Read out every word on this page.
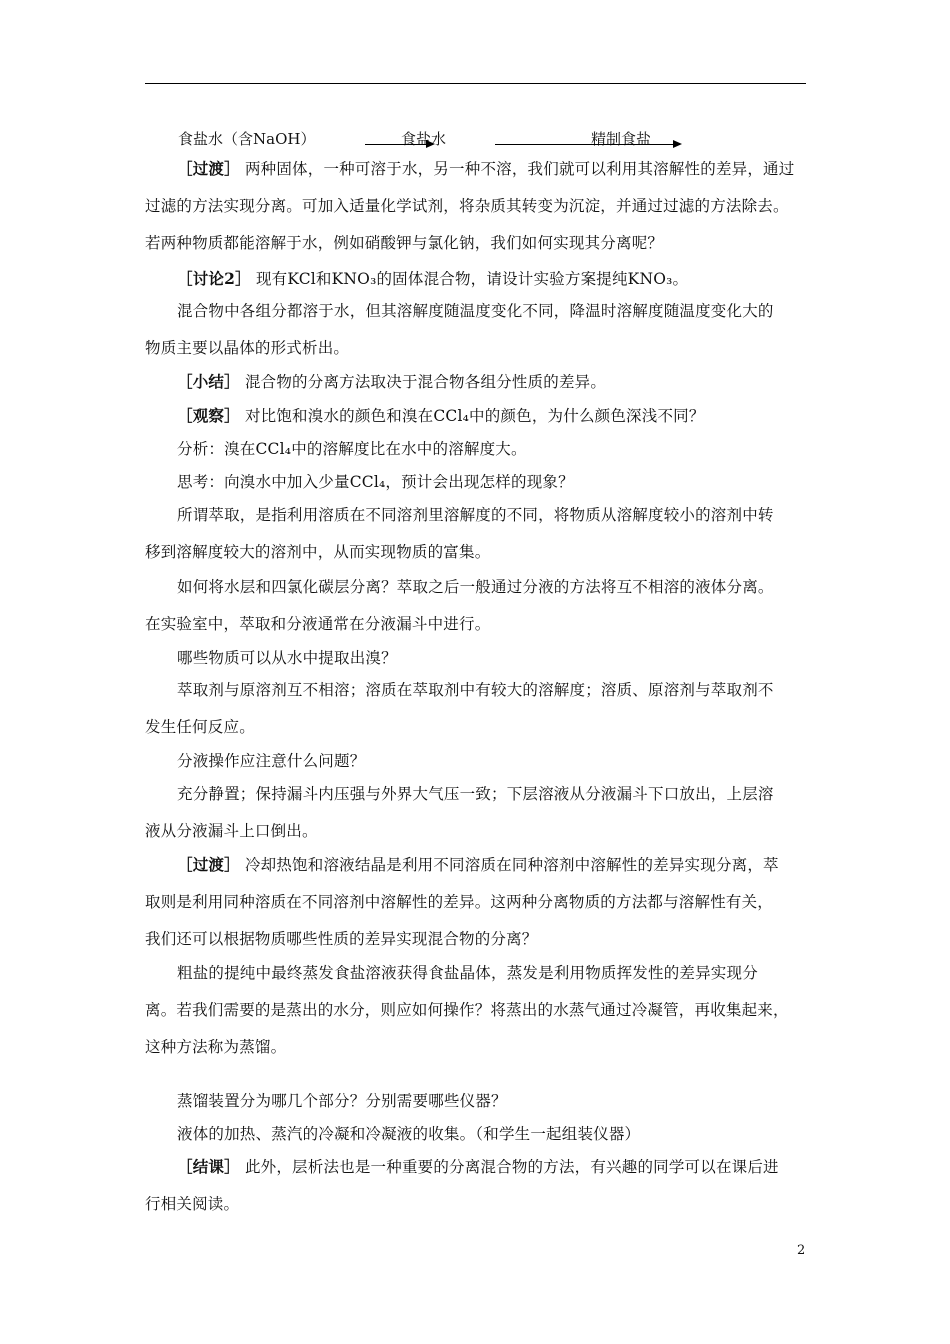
食盐水（含NaOH）	食盐水	精制食盐
［过渡］ 两种固体，一种可溶于水，另一种不溶，我们就可以利用其溶解性的差异，通过
过滤的方法实现分离。可加入适量化学试剂，将杂质其转变为沉淀，并通过过滤的方法除去。
若两种物质都能溶解于水，例如硝酸钾与氯化钠，我们如何实现其分离呢？
［讨论2］ 现有KCl和KNO₃的固体混合物，请设计实验方案提纯KNO₃。
混合物中各组分都溶于水，但其溶解度随温度变化不同，降温时溶解度随温度变化大的
物质主要以晶体的形式析出。
［小结］ 混合物的分离方法取决于混合物各组分性质的差异。
［观察］ 对比饱和溴水的颜色和溴在CCl₄中的颜色，为什么颜色深浅不同？
分析：溴在CCl₄中的溶解度比在水中的溶解度大。
思考：向溴水中加入少量CCl₄，预计会出现怎样的现象？
所谓萃取，是指利用溶质在不同溶剂里溶解度的不同，将物质从溶解度较小的溶剂中转
移到溶解度较大的溶剂中，从而实现物质的富集。
如何将水层和四氯化碳层分离？萃取之后一般通过分液的方法将互不相溶的液体分离。
在实验室中，萃取和分液通常在分液漏斗中进行。
哪些物质可以从水中提取出溴？
萃取剂与原溶剂互不相溶；溶质在萃取剂中有较大的溶解度；溶质、原溶剂与萃取剂不
发生任何反应。
分液操作应注意什么问题？
充分静置；保持漏斗内压强与外界大气压一致；下层溶液从分液漏斗下口放出，上层溶
液从分液漏斗上口倒出。
［过渡］ 冷却热饱和溶液结晶是利用不同溶质在同种溶剂中溶解性的差异实现分离，萃
取则是利用同种溶质在不同溶剂中溶解性的差异。这两种分离物质的方法都与溶解性有关，
我们还可以根据物质哪些性质的差异实现混合物的分离？
粗盐的提纯中最终蒸发食盐溶液获得食盐晶体，蒸发是利用物质挥发性的差异实现分
离。若我们需要的是蒸出的水分，则应如何操作？将蒸出的水蒸气通过冷凝管，再收集起来，
这种方法称为蒸馏。
蒸馏装置分为哪几个部分？分别需要哪些仪器？
液体的加热、蒸汽的冷凝和冷凝液的收集。（和学生一起组装仪器）
［结课］ 此外，层析法也是一种重要的分离混合物的方法，有兴趣的同学可以在课后进
行相关阅读。
2
